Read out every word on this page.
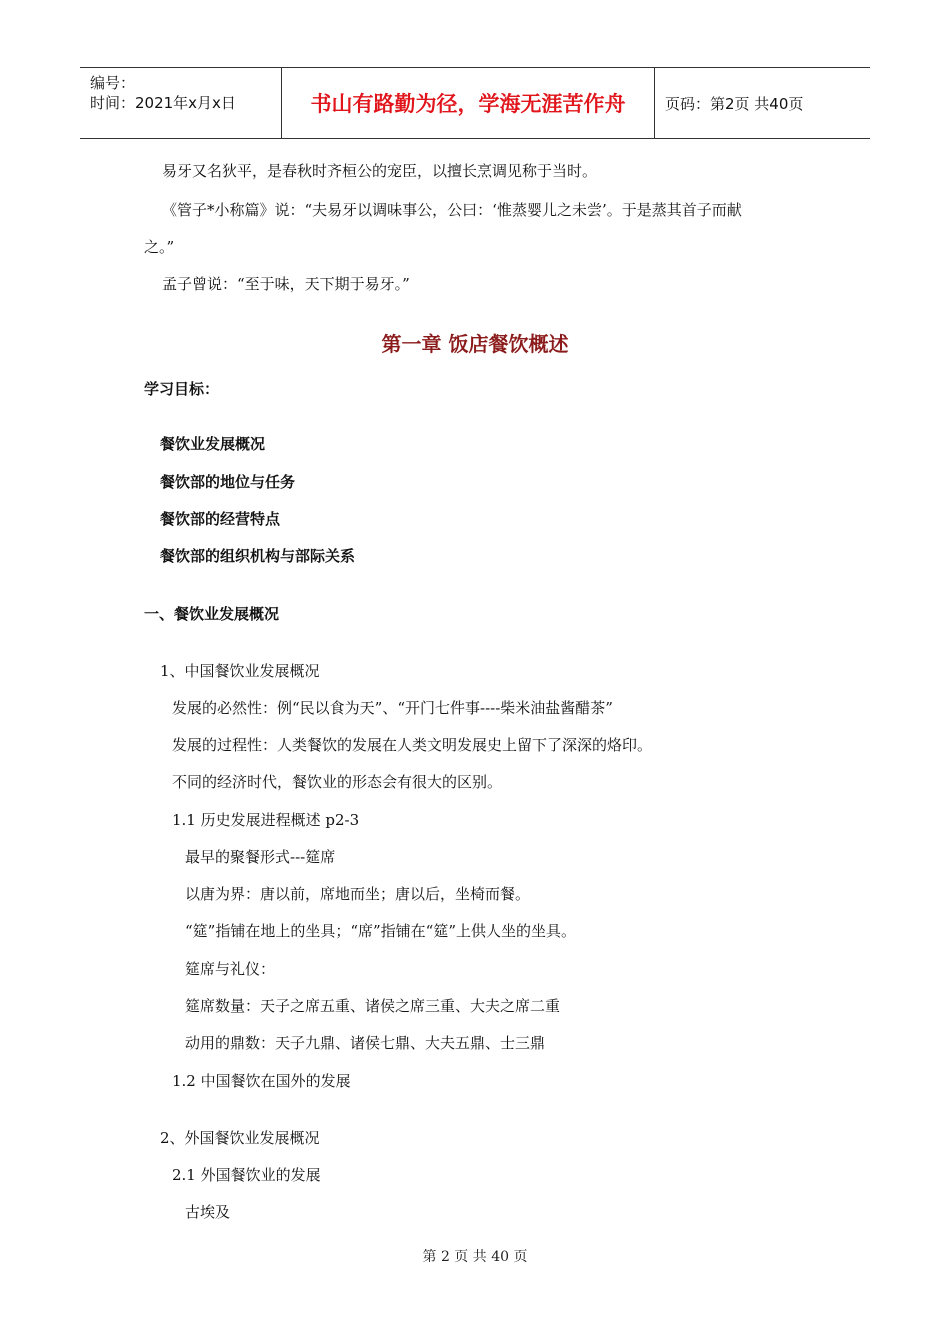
编号：
时间：2021年x月x日	书山有路勤为径，学海无涯苦作舟	页码：第2页 共40页
易牙又名狄平，是春秋时齐桓公的宠臣，以擅长烹调见称于当时。
《管子*小称篇》说：“夫易牙以调味事公，公曰：‘惟蒸婴儿之未尝’。于是蒸其首子而献
之。”
孟子曾说：“至于味，天下期于易牙。”
第一章 饭店餐饮概述
学习目标：
餐饮业发展概况
餐饮部的地位与任务
餐饮部的经营特点
餐饮部的组织机构与部际关系
一、餐饮业发展概况
1、中国餐饮业发展概况
发展的必然性：例“民以食为天”、“开门七件事----柴米油盐酱醋茶”
发展的过程性：人类餐饮的发展在人类文明发展史上留下了深深的烙印。
不同的经济时代，餐饮业的形态会有很大的区别。
1.1 历史发展进程概述 p2-3
最早的聚餐形式---筵席
以唐为界：唐以前，席地而坐；唐以后，坐椅而餐。
“筵”指铺在地上的坐具；“席”指铺在“筵”上供人坐的坐具。
筵席与礼仪：
筵席数量：天子之席五重、诸侯之席三重、大夫之席二重
动用的鼎数：天子九鼎、诸侯七鼎、大夫五鼎、士三鼎
1.2 中国餐饮在国外的发展
2、外国餐饮业发展概况
2.1 外国餐饮业的发展
古埃及
第 2 页 共 40 页
